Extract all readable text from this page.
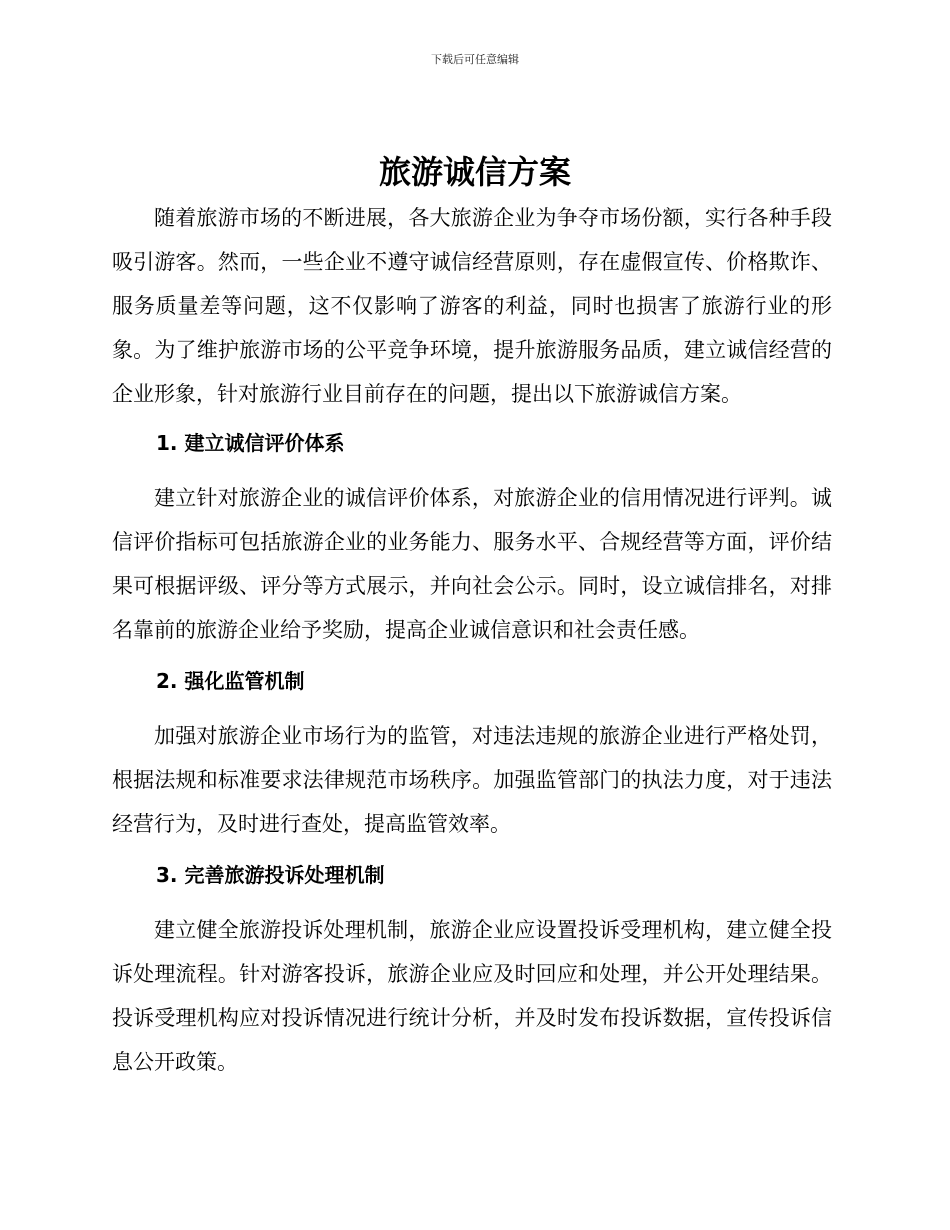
下载后可任意编辑
旅游诚信方案

随着旅游市场的不断进展，各大旅游企业为争夺市场份额，实行各种手段吸引游客。然而，一些企业不遵守诚信经营原则，存在虚假宣传、价格欺诈、服务质量差等问题，这不仅影响了游客的利益，同时也损害了旅游行业的形象。为了维护旅游市场的公平竞争环境，提升旅游服务品质，建立诚信经营的企业形象，针对旅游行业目前存在的问题，提出以下旅游诚信方案。

1. 建立诚信评价体系

建立针对旅游企业的诚信评价体系，对旅游企业的信用情况进行评判。诚信评价指标可包括旅游企业的业务能力、服务水平、合规经营等方面，评价结果可根据评级、评分等方式展示，并向社会公示。同时，设立诚信排名，对排名靠前的旅游企业给予奖励，提高企业诚信意识和社会责任感。

2. 强化监管机制

加强对旅游企业市场行为的监管，对违法违规的旅游企业进行严格处罚，根据法规和标准要求法律规范市场秩序。加强监管部门的执法力度，对于违法经营行为，及时进行查处，提高监管效率。

3. 完善旅游投诉处理机制

建立健全旅游投诉处理机制，旅游企业应设置投诉受理机构，建立健全投诉处理流程。针对游客投诉，旅游企业应及时回应和处理，并公开处理结果。投诉受理机构应对投诉情况进行统计分析，并及时发布投诉数据，宣传投诉信息公开政策。
